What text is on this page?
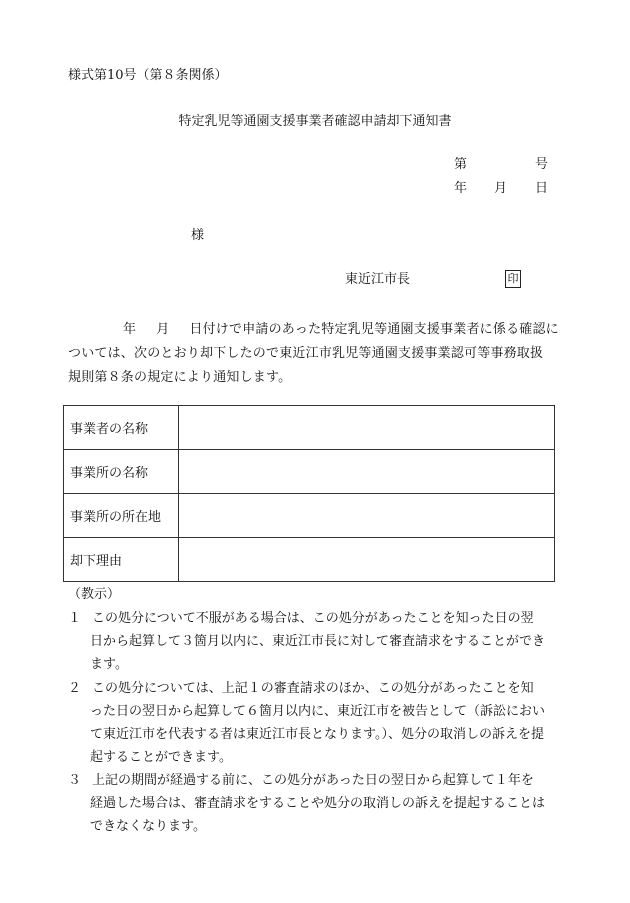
様式第10号（第８条関係）
特定乳児等通園支援事業者確認申請却下通知書
第	号
年 月 日
様
東近江市長	印
年 月 日付けで申請のあった特定乳児等通園支援事業者に係る確認に
ついては、次のとおり却下したので東近江市乳児等通園支援事業認可等事務取扱
規則第８条の規定により通知します。
事業者の名称	
事業所の名称	
事業所の所在地	
却下理由	
（教示）
１ この処分について不服がある場合は、この処分があったことを知った日の翌
日から起算して３箇月以内に、東近江市長に対して審査請求をすることができ
ます。
２ この処分については、上記１の審査請求のほか、この処分があったことを知
った日の翌日から起算して６箇月以内に、東近江市を被告として（訴訟におい
て東近江市を代表する者は東近江市長となります。）、処分の取消しの訴えを提
起することができます。
３ 上記の期間が経過する前に、この処分があった日の翌日から起算して１年を
経過した場合は、審査請求をすることや処分の取消しの訴えを提起することは
できなくなります。
